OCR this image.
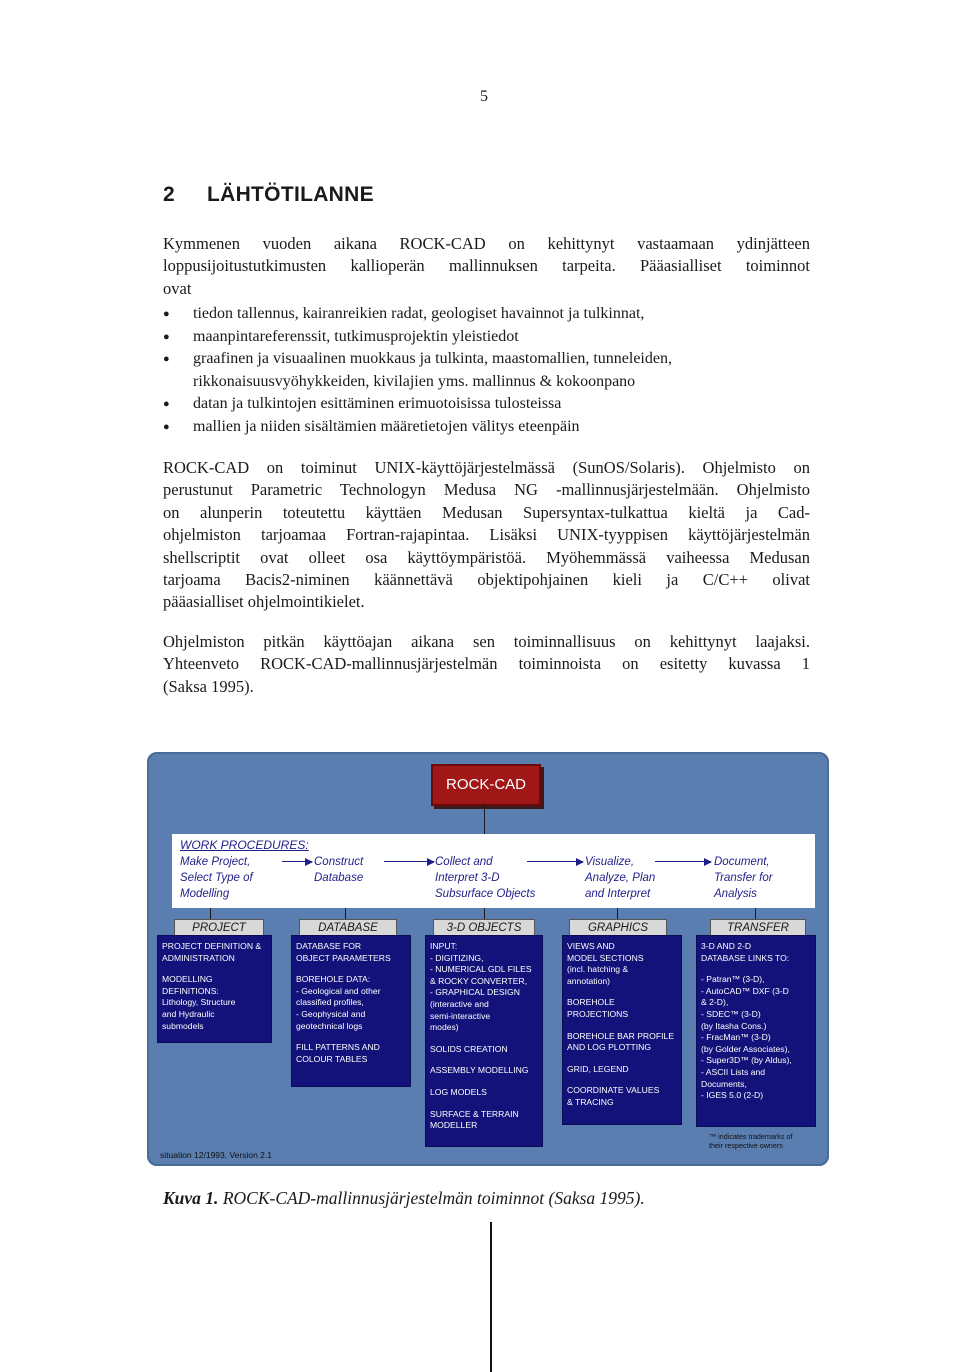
5
2 LÄHTÖTILANNE
Kymmenen vuoden aikana ROCK-CAD on kehittynyt vastaamaan ydinjätteen
loppusijoitustutkimusten kallioperän mallinnuksen tarpeita. Pääasialliset toiminnot
ovat
● tiedon tallennus, kairanreikien radat, geologiset havainnot ja tulkinnat,
● maanpintareferenssit, tutkimusprojektin yleistiedot
● graafinen ja visuaalinen muokkaus ja tulkinta, maastomallien, tunneleiden,
rikkonaisuusvyöhykkeiden, kivilajien yms. mallinnus & kokoonpano
● datan ja tulkintojen esittäminen erimuotoisissa tulosteissa
● mallien ja niiden sisältämien määretietojen välitys eteenpäin
ROCK-CAD on toiminut UNIX-käyttöjärjestelmässä (SunOS/Solaris). Ohjelmisto on
perustunut Parametric Technologyn Medusa NG -mallinnusjärjestelmään. Ohjelmisto
on alunperin toteutettu käyttäen Medusan Supersyntax-tulkattua kieltä ja Cad-
ohjelmiston tarjoamaa Fortran-rajapintaa. Lisäksi UNIX-tyyppisen käyttöjärjestelmän
shellscriptit ovat olleet osa käyttöympäristöä. Myöhemmässä vaiheessa Medusan
tarjoama Bacis2-niminen käännettävä objektipohjainen kieli ja C/C++ olivat
pääasialliset ohjelmointikielet.
Ohjelmiston pitkän käyttöajan aikana sen toiminnallisuus on kehittynyt laajaksi.
Yhteenveto ROCK-CAD-mallinnusjärjestelmän toiminnoista on esitetty kuvassa 1
(Saksa 1995).
ROCK-CAD
WORK PROCEDURES:
Make Project,
Select Type of
Modelling
Construct
Database
Collect and
Interpret 3-D
Subsurface Objects
Visualize,
Analyze, Plan
and Interpret
Document,
Transfer for
Analysis
PROJECT
PROJECT DEFINITION &
ADMINISTRATION
MODELLING
DEFINITIONS:
Lithology, Structure
and Hydraulic
submodels
DATABASE
DATABASE FOR
OBJECT PARAMETERS
BOREHOLE DATA:
- Geological and other
classified profiles,
- Geophysical and
geotechnical logs
FILL PATTERNS AND
COLOUR TABLES
3-D OBJECTS
INPUT:
- DIGITIZING,
- NUMERICAL GDL FILES
& ROCKY CONVERTER,
- GRAPHICAL DESIGN
(interactive and
semi-interactive
modes)
SOLIDS CREATION
ASSEMBLY MODELLING
LOG MODELS
SURFACE & TERRAIN
MODELLER
GRAPHICS
VIEWS AND
MODEL SECTIONS
(incl. hatching &
annotation)
BOREHOLE
PROJECTIONS
BOREHOLE BAR PROFILE
AND LOG PLOTTING
GRID, LEGEND
COORDINATE VALUES
& TRACING
TRANSFER
3-D AND 2-D
DATABASE LINKS TO:
- Patran™ (3-D),
- AutoCAD™ DXF (3-D
& 2-D),
- SDEC™ (3-D)
(by Itasha Cons.)
- FracMan™ (3-D)
(by Golder Associates),
- Super3D™ (by Aldus),
- ASCII Lists and
Documents,
- IGES 5.0 (2-D)
™ indicates trademarks of
their respective owners
situation 12/1993, Version 2.1
Kuva 1. ROCK-CAD-mallinnusjärjestelmän toiminnot (Saksa 1995).
